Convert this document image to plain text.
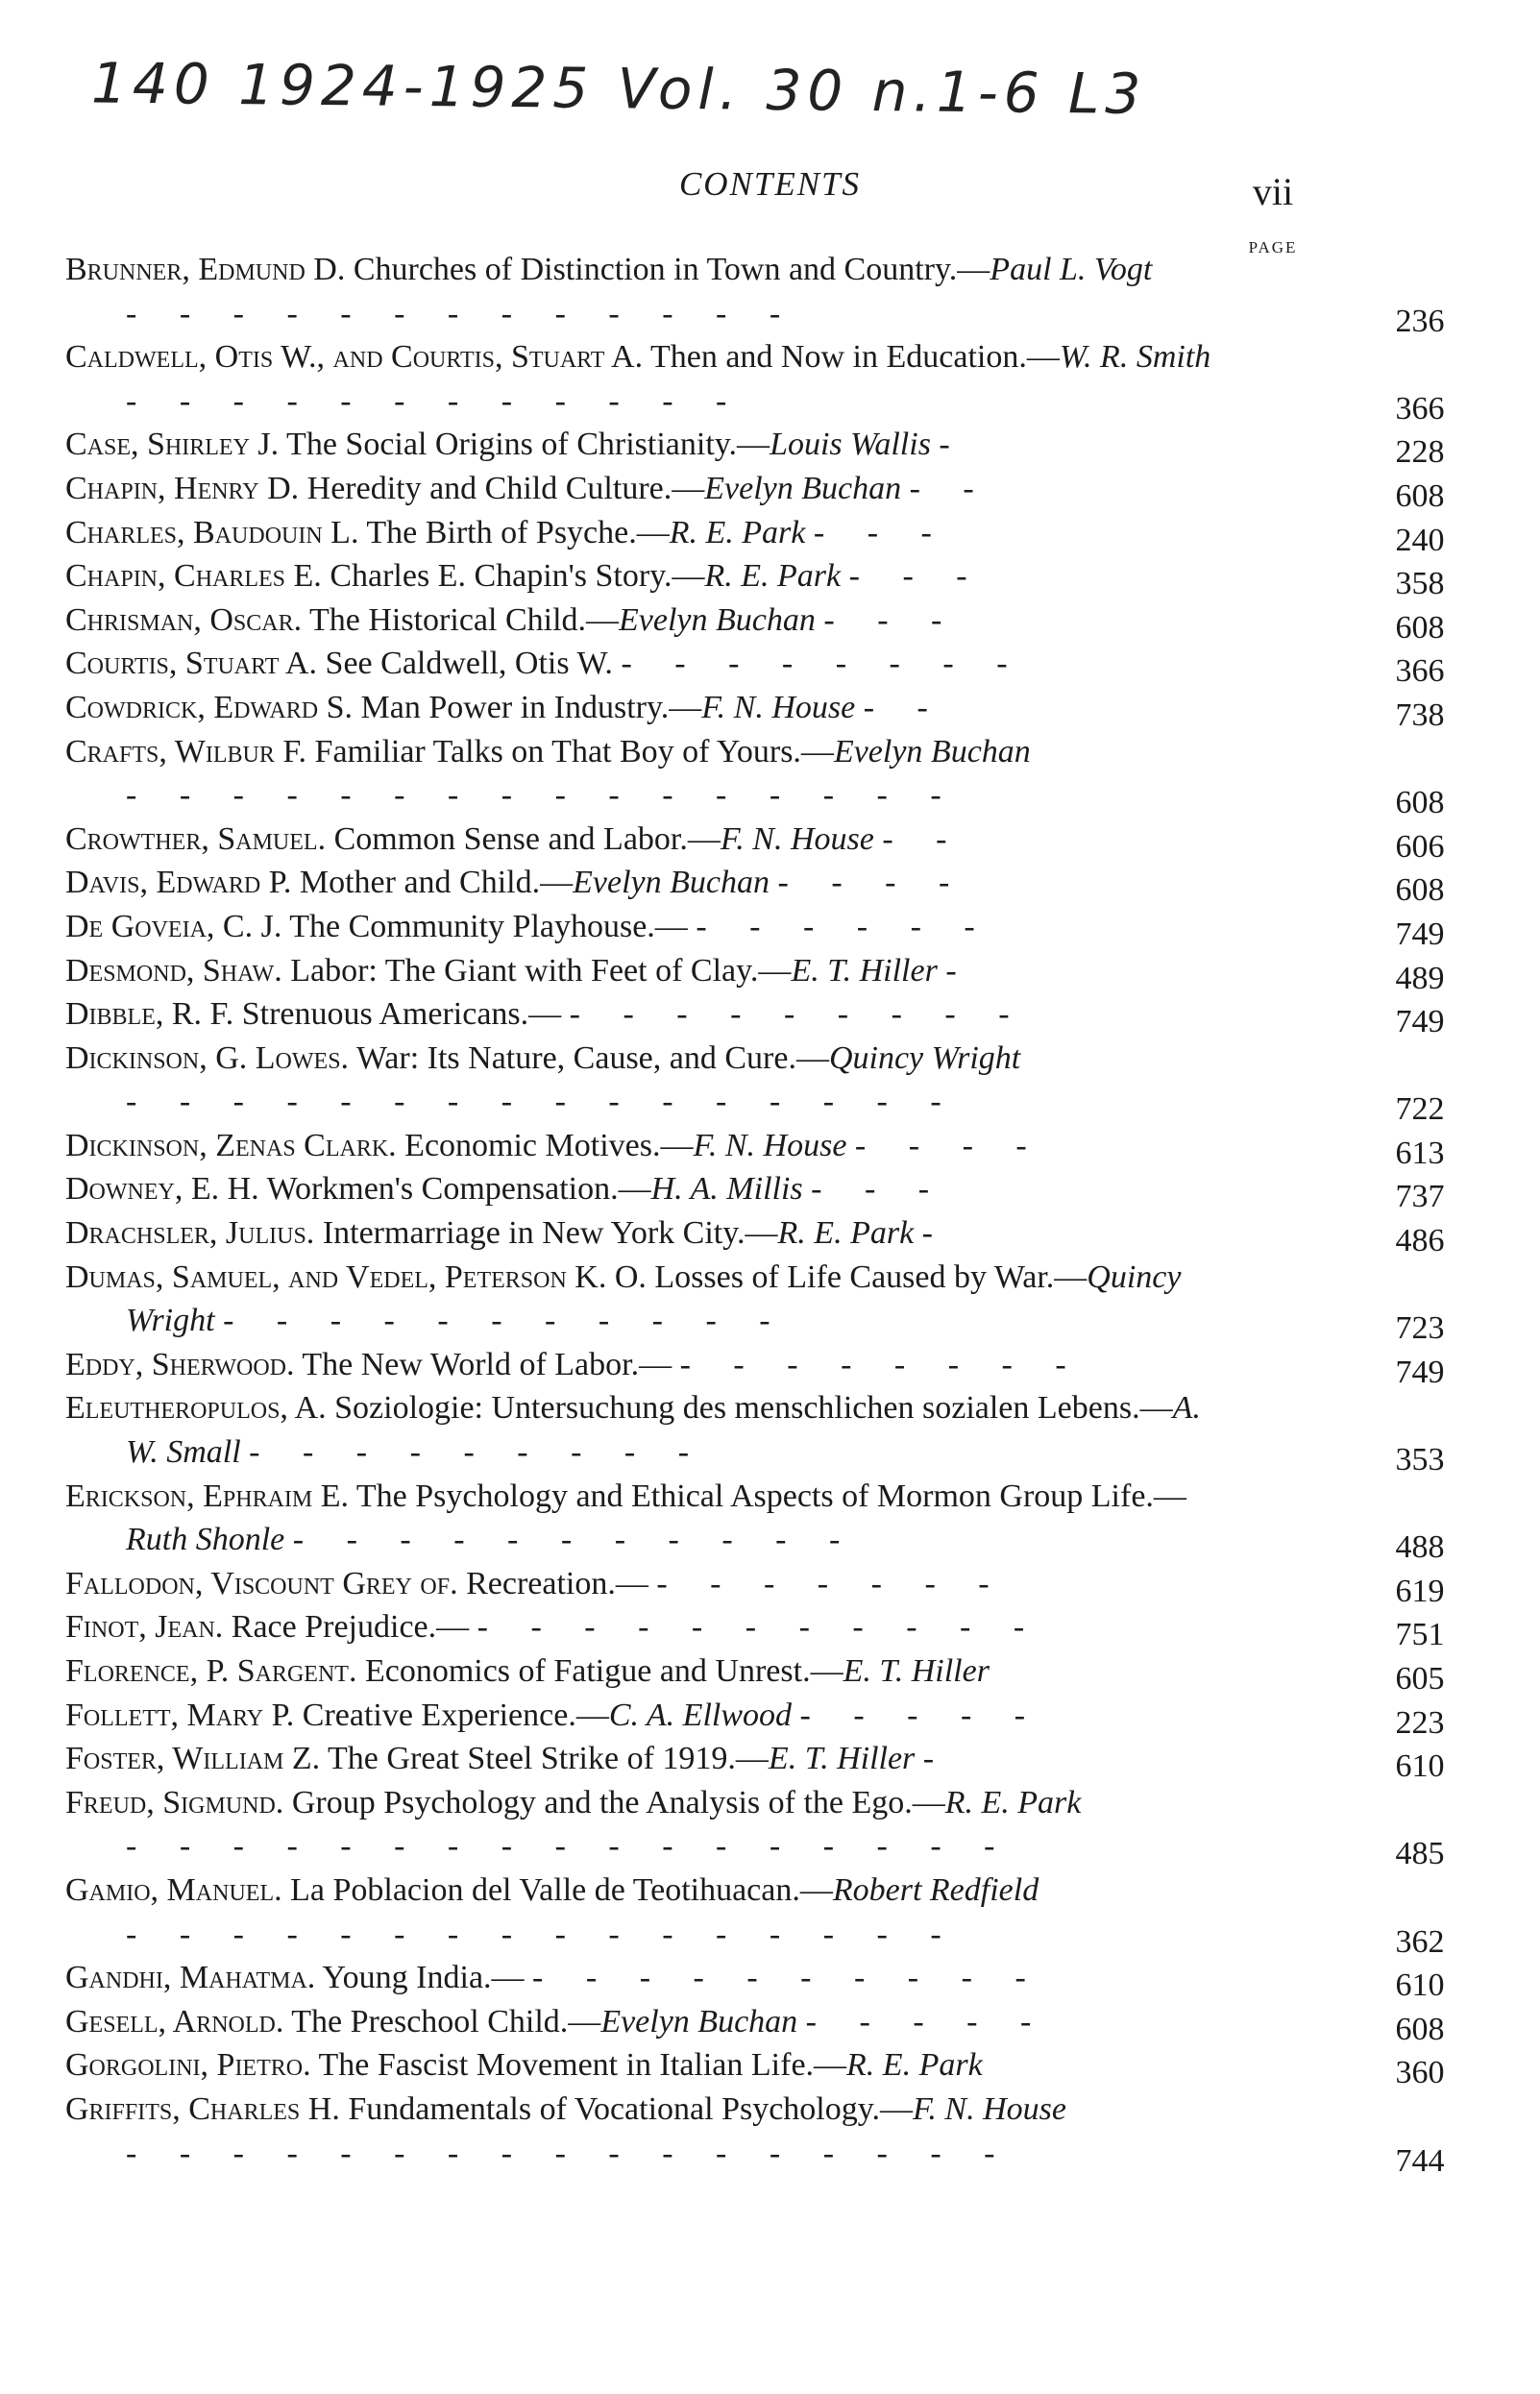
140 1924-1925 Vol. 30 n.1-6 L3
CONTENTS	vii
PAGE
Brunner, Edmund D. Churches of Distinction in Town and Country.—Paul L. Vogt - - - - - - - - - - - - -	236
Caldwell, Otis W., and Courtis, Stuart A. Then and Now in Education.—W. R. Smith - - - - - - - - - - - -	366
Case, Shirley J. The Social Origins of Christianity.—Louis Wallis -	228
Chapin, Henry D. Heredity and Child Culture.—Evelyn Buchan - -	608
Charles, Baudouin L. The Birth of Psyche.—R. E. Park - - -	240
Chapin, Charles E. Charles E. Chapin's Story.—R. E. Park - - -	358
Chrisman, Oscar. The Historical Child.—Evelyn Buchan - - -	608
Courtis, Stuart A. See Caldwell, Otis W. - - - - - - - -	366
Cowdrick, Edward S. Man Power in Industry.—F. N. House - -	738
Crafts, Wilbur F. Familiar Talks on That Boy of Yours.—Evelyn Buchan - - - - - - - - - - - - - - - -	608
Crowther, Samuel. Common Sense and Labor.—F. N. House - -	606
Davis, Edward P. Mother and Child.—Evelyn Buchan - - - -	608
De Goveia, C. J. The Community Playhouse.— - - - - - -	749
Desmond, Shaw. Labor: The Giant with Feet of Clay.—E. T. Hiller -	489
Dibble, R. F. Strenuous Americans.— - - - - - - - - -	749
Dickinson, G. Lowes. War: Its Nature, Cause, and Cure.—Quincy Wright - - - - - - - - - - - - - - - -	722
Dickinson, Zenas Clark. Economic Motives.—F. N. House - - - -	613
Downey, E. H. Workmen's Compensation.—H. A. Millis - - -	737
Drachsler, Julius. Intermarriage in New York City.—R. E. Park -	486
Dumas, Samuel, and Vedel, Peterson K. O. Losses of Life Caused by War.—Quincy Wright - - - - - - - - - - -	723
Eddy, Sherwood. The New World of Labor.— - - - - - - - -	749
Eleutheropulos, A. Soziologie: Untersuchung des menschlichen sozialen Lebens.—A. W. Small - - - - - - - - -	353
Erickson, Ephraim E. The Psychology and Ethical Aspects of Mormon Group Life.—Ruth Shonle - - - - - - - - - - -	488
Fallodon, Viscount Grey of. Recreation.— - - - - - - -	619
Finot, Jean. Race Prejudice.— - - - - - - - - - - -	751
Florence, P. Sargent. Economics of Fatigue and Unrest.—E. T. Hiller	605
Follett, Mary P. Creative Experience.—C. A. Ellwood - - - - -	223
Foster, William Z. The Great Steel Strike of 1919.—E. T. Hiller -	610
Freud, Sigmund. Group Psychology and the Analysis of the Ego.—R. E. Park - - - - - - - - - - - - - - - - -	485
Gamio, Manuel. La Poblacion del Valle de Teotihuacan.—Robert Redfield - - - - - - - - - - - - - - - -	362
Gandhi, Mahatma. Young India.— - - - - - - - - - -	610
Gesell, Arnold. The Preschool Child.—Evelyn Buchan - - - - -	608
Gorgolini, Pietro. The Fascist Movement in Italian Life.—R. E. Park	360
Griffits, Charles H. Fundamentals of Vocational Psychology.—F. N. House - - - - - - - - - - - - - - - - -	744
